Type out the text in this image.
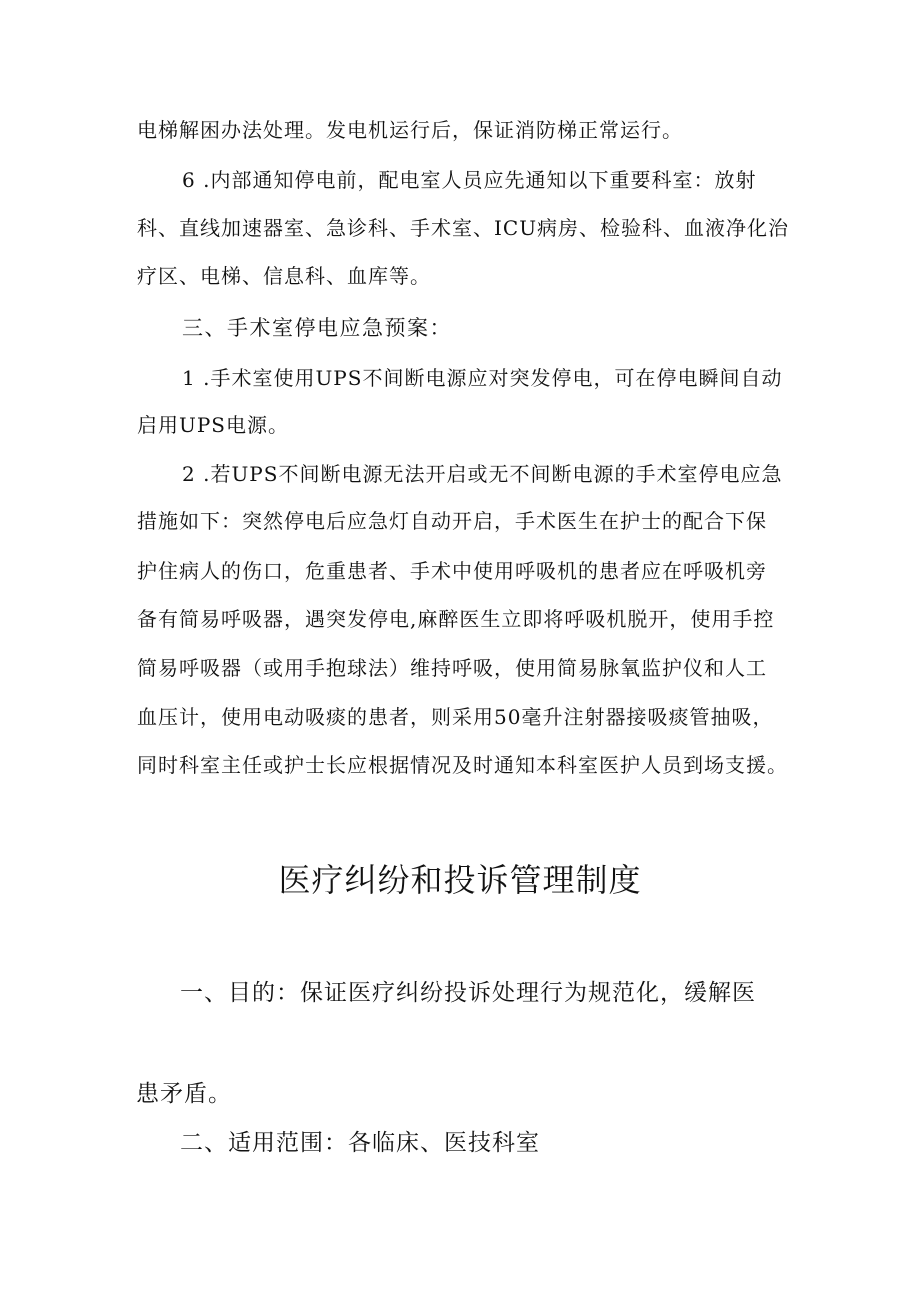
电梯解困办法处理。发电机运行后，保证消防梯正常运行。
6 .内部通知停电前，配电室人员应先通知以下重要科室：放射
科、直线加速器室、急诊科、手术室、ICU病房、检验科、血液净化治
疗区、电梯、信息科、血库等。
三、手术室停电应急预案：
1 .手术室使用UPS不间断电源应对突发停电，可在停电瞬间自动
启用UPS电源。
2 .若UPS不间断电源无法开启或无不间断电源的手术室停电应急
措施如下：突然停电后应急灯自动开启，手术医生在护士的配合下保
护住病人的伤口，危重患者、手术中使用呼吸机的患者应在呼吸机旁
备有简易呼吸器，遇突发停电,麻醉医生立即将呼吸机脱开，使用手控
简易呼吸器（或用手抱球法）维持呼吸，使用简易脉氧监护仪和人工
血压计，使用电动吸痰的患者，则采用50毫升注射器接吸痰管抽吸，
同时科室主任或护士长应根据情况及时通知本科室医护人员到场支援。
医疗纠纷和投诉管理制度
一、目的：保证医疗纠纷投诉处理行为规范化，缓解医
患矛盾。
二、适用范围：各临床、医技科室
